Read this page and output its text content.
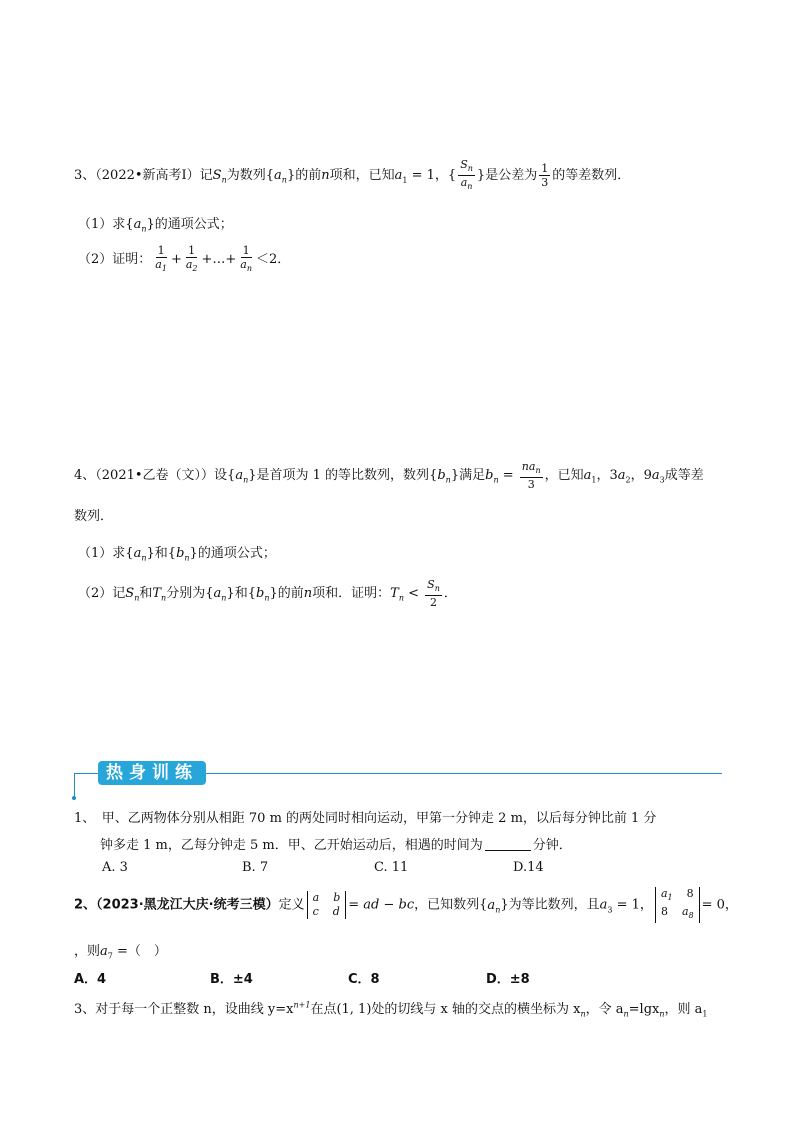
3、（2022•新高考Ⅰ）记$S_n$为数列$\{a_n\}$的前n项和，已知$a_1 = 1$，{ $\frac{S_n}{a_n}$ }是公差为 $\frac{1}{3}$ 的等差数列．
（1）求$\{a_n\}$的通项公式；
（2）证明： $\frac{1}{a_1} + \frac{1}{a_2}$ +…+ $\frac{1}{a_n} <2$．
4、（2021•乙卷（文））设$\{a_n\}$是首项为 1 的等比数列，数列$\{b_n\}$满足$b_n = \frac{na_n}{3}$ ，已知$a_1$，$3a_2$，$9a_3$成等差
数列．
（1）求$\{a_n\}$和$\{b_n\}$的通项公式；
（2）记$S_n$和$T_n$分别为$\{a_n\}$和$\{b_n\}$的前n项和．证明：$T_n < \frac{S_n}{2}$ ．
热身训练
1、　甲、乙两物体分别从相距 70 m 的两处同时相向运动，甲第一分钟走 2 m，以后每分钟比前 1 分
钟多走 1 m，乙每分钟走 5 m．甲、乙开始运动后，相遇的时间为	分钟．
A. 3	B. 7	C. 11	D.14
2、（2023·黑龙江大庆·统考三模）定义 a b
c d = ad − bc，已知数列$\{a_n\}$为等比数列，且$a_3 = 1$，
$a_1$ 8
8 $a_8$
= 0，
，则$a_7$ =（　）
A．4	B．±4	C．8	D．±8
3、对于每一个正整数 n，设曲线 $y=x^{n+1}$在点(1, 1)处的切线与 x 轴的交点的横坐标为 $x_n$，令 $a_n=\lg x_n$，则 $a_1$
